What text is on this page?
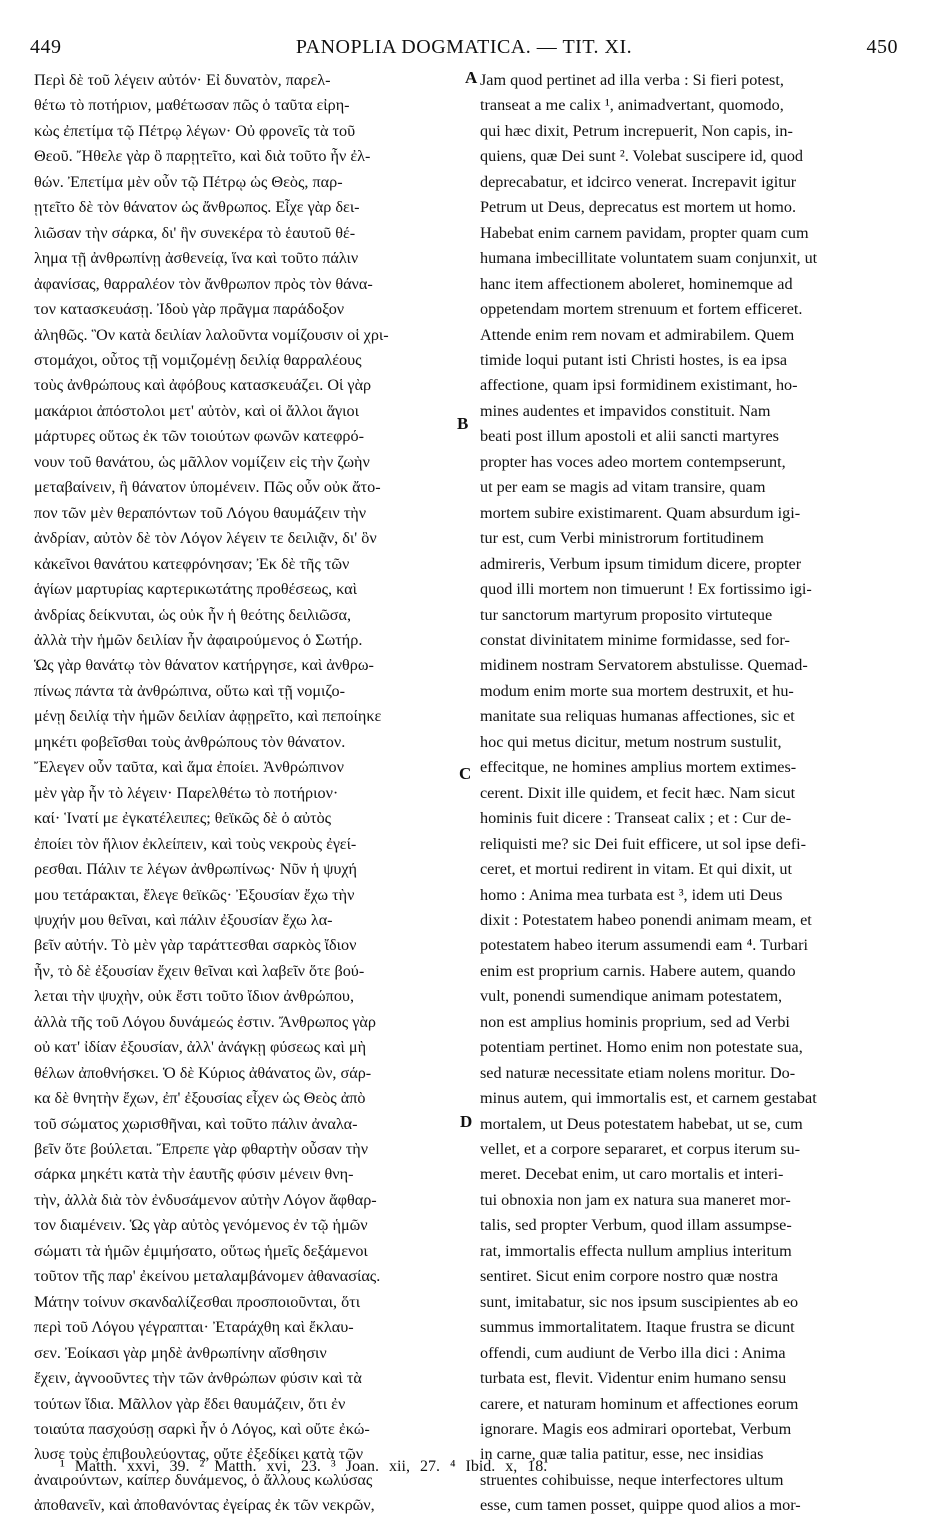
449	PANOPLIA DOGMATICA. — TIT. XI.	450
Περὶ δὲ τοῦ λέγειν αὐτόν· Εἰ δυνατὸν, παρελ-
θέτω τὸ ποτήριον, μαθέτωσαν πῶς ὁ ταῦτα εἰρη-
κὼς ἐπετίμα τῷ Πέτρῳ λέγων· Οὐ φρονεῖς τὰ τοῦ
Θεοῦ. Ἤθελε γὰρ ὃ παρῃτεῖτο, καὶ διὰ τοῦτο ἦν ἐλ-
θών. Ἐπετίμα μὲν οὖν τῷ Πέτρῳ ὡς Θεὸς, παρ-
ῃτεῖτο δὲ τὸν θάνατον ὡς ἄνθρωπος. Εἶχε γὰρ δει-
λιῶσαν τὴν σάρκα, δι' ἣν συνεκέρα τὸ ἑαυτοῦ θέ-
λημα τῇ ἀνθρωπίνῃ ἀσθενείᾳ, ἵνα καὶ τοῦτο πάλιν
ἀφανίσας, θαρραλέον τὸν ἄνθρωπον πρὸς τὸν θάνα-
τον κατασκευάσῃ. Ἰδοὺ γὰρ πρᾶγμα παράδοξον
ἀληθῶς. Ὃν κατὰ δειλίαν λαλοῦντα νομίζουσιν οἱ χρι-
στομάχοι, οὗτος τῇ νομιζομένῃ δειλίᾳ θαρραλέους
τοὺς ἀνθρώπους καὶ ἀφόβους κατασκευάζει. Οἱ γὰρ
μακάριοι ἀπόστολοι μετ' αὐτὸν, καὶ οἱ ἄλλοι ἅγιοι
μάρτυρες οὕτως ἐκ τῶν τοιούτων φωνῶν κατεφρό-
νουν τοῦ θανάτου, ὡς μᾶλλον νομίζειν εἰς τὴν ζωὴν
μεταβαίνειν, ἢ θάνατον ὑπομένειν. Πῶς οὖν οὐκ ἄτο-
πον τῶν μὲν θεραπόντων τοῦ Λόγου θαυμάζειν τὴν
ἀνδρίαν, αὐτὸν δὲ τὸν Λόγον λέγειν τε δειλιᾷν, δι' ὃν
κἀκεῖνοι θανάτου κατεφρόνησαν; Ἐκ δὲ τῆς τῶν
ἁγίων μαρτυρίας καρτερικωτάτης προθέσεως, καὶ
ἀνδρίας δείκνυται, ὡς οὐκ ἦν ἡ θεότης δειλιῶσα,
ἀλλὰ τὴν ἡμῶν δειλίαν ἦν ἀφαιρούμενος ὁ Σωτήρ.
Ὡς γὰρ θανάτῳ τὸν θάνατον κατήργησε, καὶ ἀνθρω-
πίνως πάντα τὰ ἀνθρώπινα, οὕτω καὶ τῇ νομιζο-
μένῃ δειλίᾳ τὴν ἡμῶν δειλίαν ἀφῃρεῖτο, καὶ πεποίηκε
μηκέτι φοβεῖσθαι τοὺς ἀνθρώπους τὸν θάνατον.
Ἔλεγεν οὖν ταῦτα, καὶ ἅμα ἐποίει. Ἀνθρώπινον
μὲν γὰρ ἦν τὸ λέγειν· Παρελθέτω τὸ ποτήριον·
καί· Ἱνατί με ἐγκατέλειπες; θεϊκῶς δὲ ὁ αὐτὸς
ἐποίει τὸν ἥλιον ἐκλείπειν, καὶ τοὺς νεκροὺς ἐγεί-
ρεσθαι. Πάλιν τε λέγων ἀνθρωπίνως· Νῦν ἡ ψυχή
μου τετάρακται, ἔλεγε θεϊκῶς· Ἐξουσίαν ἔχω τὴν
ψυχήν μου θεῖναι, καὶ πάλιν ἐξουσίαν ἔχω λα-
βεῖν αὐτήν. Τὸ μὲν γὰρ ταράττεσθαι σαρκὸς ἴδιον
ἦν, τὸ δὲ ἐξουσίαν ἔχειν θεῖναι καὶ λαβεῖν ὅτε βού-
λεται τὴν ψυχὴν, οὐκ ἔστι τοῦτο ἴδιον ἀνθρώπου,
ἀλλὰ τῆς τοῦ Λόγου δυνάμεώς ἐστιν. Ἄνθρωπος γὰρ
οὐ κατ' ἰδίαν ἐξουσίαν, ἀλλ' ἀνάγκῃ φύσεως καὶ μὴ
θέλων ἀποθνήσκει. Ὁ δὲ Κύριος ἀθάνατος ὢν, σάρ-
κα δὲ θνητὴν ἔχων, ἐπ' ἐξουσίας εἶχεν ὡς Θεὸς ἀπὸ
τοῦ σώματος χωρισθῆναι, καὶ τοῦτο πάλιν ἀναλα-
βεῖν ὅτε βούλεται. Ἔπρεπε γὰρ φθαρτὴν οὖσαν τὴν
σάρκα μηκέτι κατὰ τὴν ἑαυτῆς φύσιν μένειν θνη-
τὴν, ἀλλὰ διὰ τὸν ἐνδυσάμενον αὐτὴν Λόγον ἄφθαρ-
τον διαμένειν. Ὡς γὰρ αὐτὸς γενόμενος ἐν τῷ ἡμῶν
σώματι τὰ ἡμῶν ἐμιμήσατο, οὕτως ἡμεῖς δεξάμενοι
τοῦτον τῆς παρ' ἐκείνου μεταλαμβάνομεν ἀθανασίας.
Μάτην τοίνυν σκανδαλίζεσθαι προσποιοῦνται, ὅτι
περὶ τοῦ Λόγου γέγραπται· Ἐταράχθη καὶ ἔκλαυ-
σεν. Ἐοίκασι γὰρ μηδὲ ἀνθρωπίνην αἴσθησιν
ἔχειν, ἀγνοοῦντες τὴν τῶν ἀνθρώπων φύσιν καὶ τὰ
τούτων ἴδια. Μᾶλλον γὰρ ἔδει θαυμάζειν, ὅτι ἐν
τοιαύτα πασχούσῃ σαρκὶ ἦν ὁ Λόγος, καὶ οὔτε ἐκώ-
λυσε τοὺς ἐπιβουλεύοντας, οὔτε ἐξεδίκει κατὰ τῶν
ἀναιρούντων, καίπερ δυνάμενος, ὁ ἄλλους κωλύσας
ἀποθανεῖν, καὶ ἀποθανόντας ἐγείρας ἐκ τῶν νεκρῶν,
Jam quod pertinet ad illa verba : Si fieri potest,
transeat a me calix ¹, animadvertant, quomodo,
qui hæc dixit, Petrum increpuerit, Non capis, in-
quiens, quæ Dei sunt ². Volebat suscipere id, quod
deprecabatur, et idcirco venerat. Increpavit igitur
Petrum ut Deus, deprecatus est mortem ut homo.
Habebat enim carnem pavidam, propter quam cum
humana imbecillitate voluntatem suam conjunxit, ut
hanc item affectionem aboleret, hominemque ad
oppetendam mortem strenuum et fortem efficeret.
Attende enim rem novam et admirabilem. Quem
timide loqui putant isti Christi hostes, is ea ipsa
affectione, quam ipsi formidinem existimant, ho-
mines audentes et impavidos constituit. Nam
beati post illum apostoli et alii sancti martyres
propter has voces adeo mortem contempserunt,
ut per eam se magis ad vitam transire, quam
mortem subire existimarent. Quam absurdum igi-
tur est, cum Verbi ministrorum fortitudinem
admireris, Verbum ipsum timidum dicere, propter
quod illi mortem non timuerunt ! Ex fortissimo igi-
tur sanctorum martyrum proposito virtuteque
constat divinitatem minime formidasse, sed for-
midinem nostram Servatorem abstulisse. Quemad-
modum enim morte sua mortem destruxit, et hu-
manitate sua reliquas humanas affectiones, sic et
hoc qui metus dicitur, metum nostrum sustulit,
effecitque, ne homines amplius mortem extimes-
cerent. Dixit ille quidem, et fecit hæc. Nam sicut
hominis fuit dicere : Transeat calix ; et : Cur de-
reliquisti me? sic Dei fuit efficere, ut sol ipse defi-
ceret, et mortui redirent in vitam. Et qui dixit, ut
homo : Anima mea turbata est ³, idem uti Deus
dixit : Potestatem habeo ponendi animam meam, et
potestatem habeo iterum assumendi eam ⁴. Turbari
enim est proprium carnis. Habere autem, quando
vult, ponendi sumendique animam potestatem,
non est amplius hominis proprium, sed ad Verbi
potentiam pertinet. Homo enim non potestate sua,
sed naturæ necessitate etiam nolens moritur. Do-
minus autem, qui immortalis est, et carnem gestabat
mortalem, ut Deus potestatem habebat, ut se, cum
vellet, et a corpore separaret, et corpus iterum su-
meret. Decebat enim, ut caro mortalis et interi-
tui obnoxia non jam ex natura sua maneret mor-
talis, sed propter Verbum, quod illam assumpse-
rat, immortalis effecta nullum amplius interitum
sentiret. Sicut enim corpore nostro quæ nostra
sunt, imitabatur, sic nos ipsum suscipientes ab eo
summus immortalitatem. Itaque frustra se dicunt
offendi, cum audiunt de Verbo illa dici : Anima
turbata est, flevit. Videntur enim humano sensu
carere, et naturam hominum et affectiones eorum
ignorare. Magis eos admirari oportebat, Verbum
in carne, quæ talia patitur, esse, nec insidias
struentes cohibuisse, neque interfectores ultum
esse, cum tamen posset, quippe quod alios a mor-
A
B
C
D
¹ Matth. xxvi, 39. ² Matth. xvi, 23. ³ Joan. xii, 27. ⁴ Ibid. x, 18.
